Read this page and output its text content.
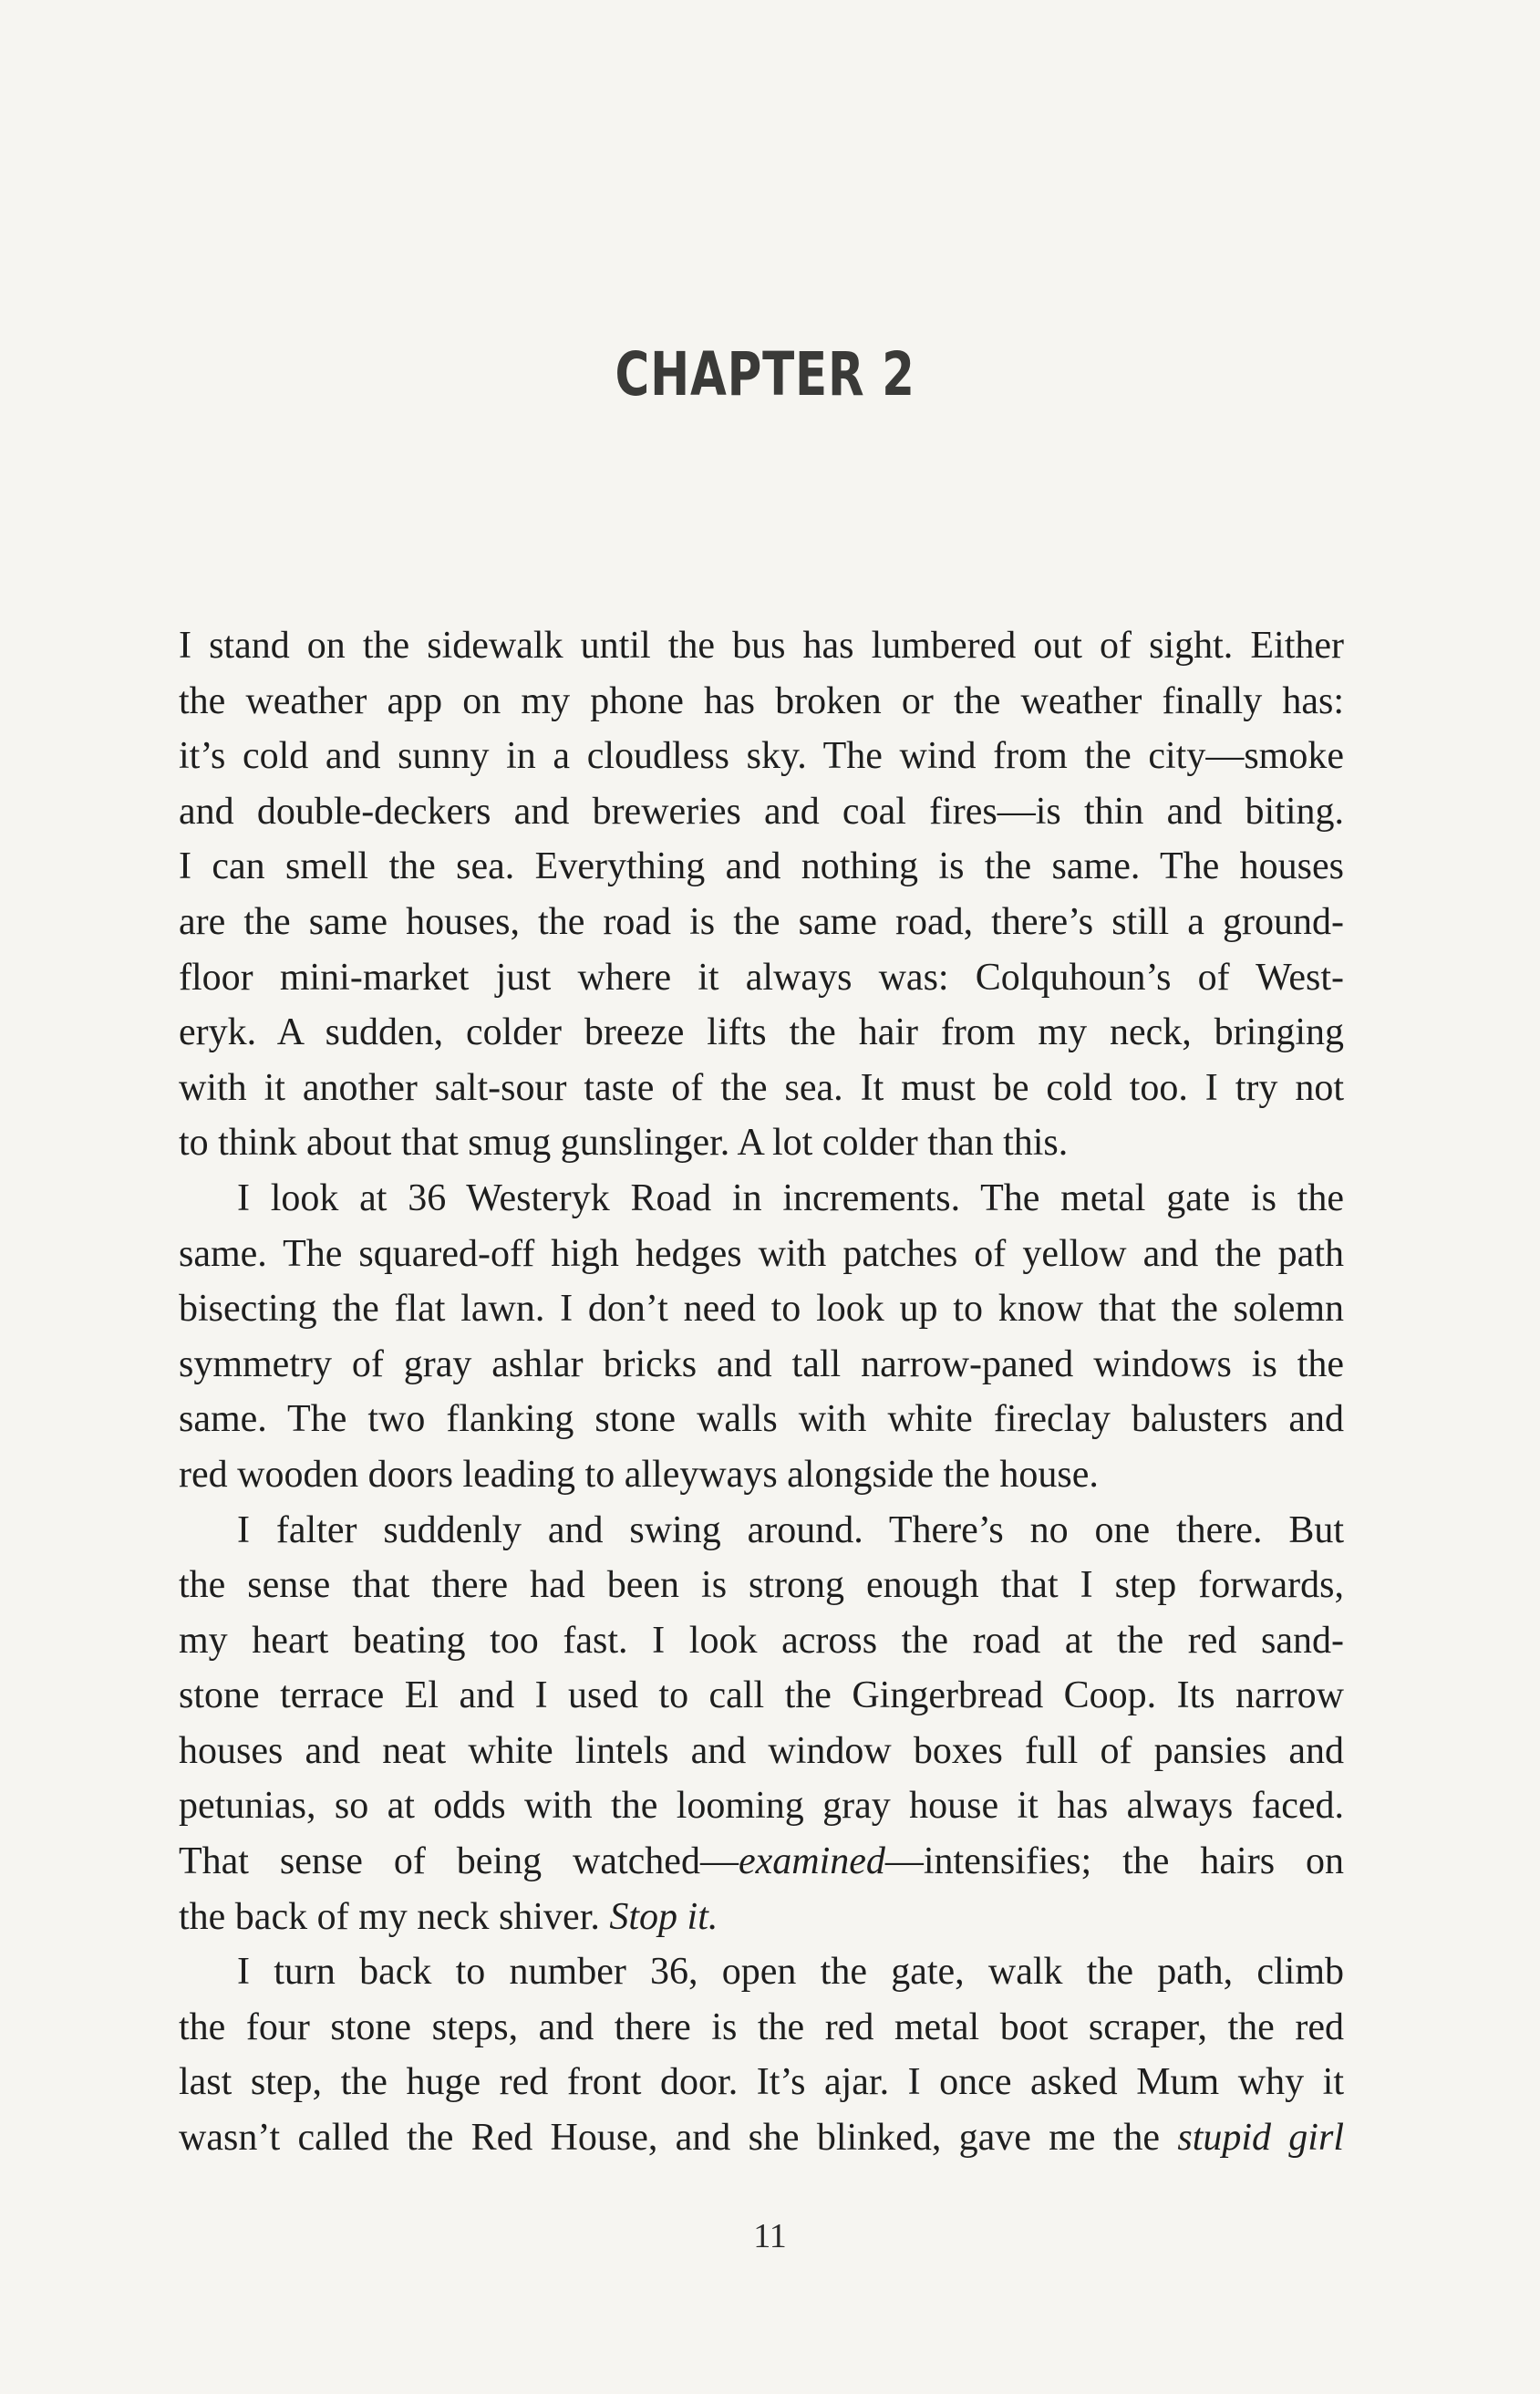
CHAPTER 2
I stand on the sidewalk until the bus has lumbered out of sight. Either
the weather app on my phone has broken or the weather finally has:
it’s cold and sunny in a cloudless sky. The wind from the city—smoke
and double-deckers and breweries and coal fires—is thin and biting.
I can smell the sea. Everything and nothing is the same. The houses
are the same houses, the road is the same road, there’s still a ground-
floor mini-market just where it always was: Colquhoun’s of West-
eryk. A sudden, colder breeze lifts the hair from my neck, bringing
with it another salt-sour taste of the sea. It must be cold too. I try not
to think about that smug gunslinger. A lot colder than this.
I look at 36 Westeryk Road in increments. The metal gate is the
same. The squared-off high hedges with patches of yellow and the path
bisecting the flat lawn. I don’t need to look up to know that the solemn
symmetry of gray ashlar bricks and tall narrow-paned windows is the
same. The two flanking stone walls with white fireclay balusters and
red wooden doors leading to alleyways alongside the house.
I falter suddenly and swing around. There’s no one there. But
the sense that there had been is strong enough that I step forwards,
my heart beating too fast. I look across the road at the red sand-
stone terrace El and I used to call the Gingerbread Coop. Its narrow
houses and neat white lintels and window boxes full of pansies and
petunias, so at odds with the looming gray house it has always faced.
That sense of being watched—examined—intensifies; the hairs on
the back of my neck shiver. Stop it.
I turn back to number 36, open the gate, walk the path, climb
the four stone steps, and there is the red metal boot scraper, the red
last step, the huge red front door. It’s ajar. I once asked Mum why it
wasn’t called the Red House, and she blinked, gave me the stupid girl

11
